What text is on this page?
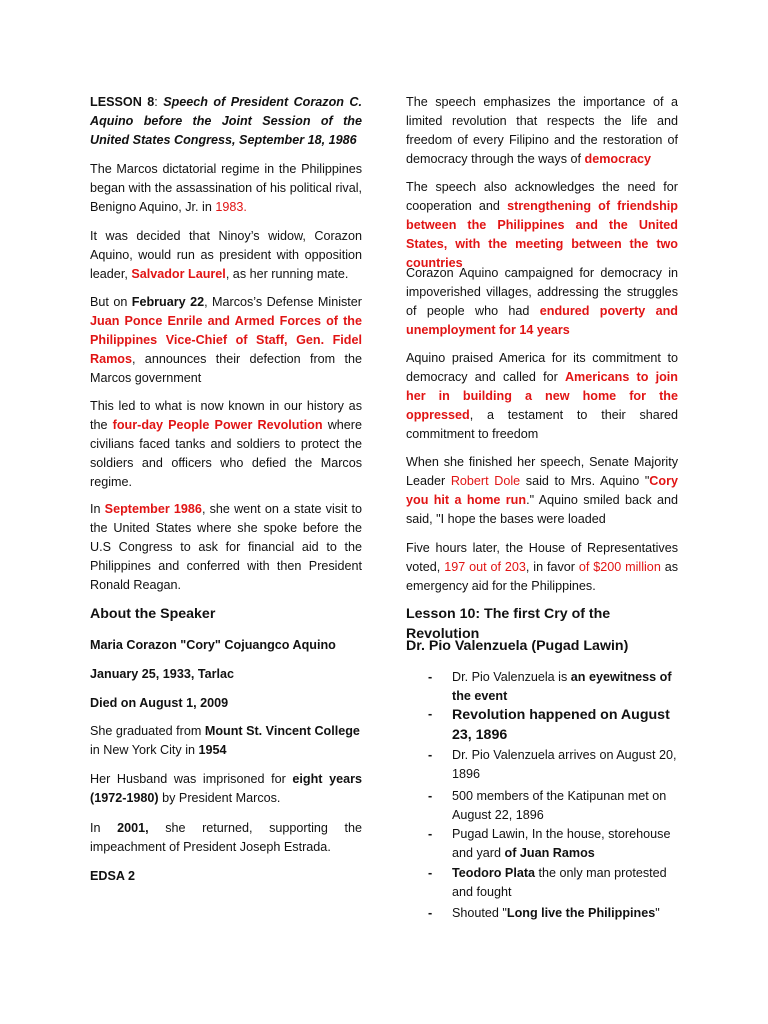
LESSON 8: Speech of President Corazon C. Aquino before the Joint Session of the United States Congress, September 18, 1986

The Marcos dictatorial regime in the Philippines began with the assassination of his political rival, Benigno Aquino, Jr. in 1983.

It was decided that Ninoy’s widow, Corazon Aquino, would run as president with opposition leader, Salvador Laurel, as her running mate.

But on February 22, Marcos’s Defense Minister Juan Ponce Enrile and Armed Forces of the Philippines Vice-Chief of Staff, Gen. Fidel Ramos, announces their defection from the Marcos government

This led to what is now known in our history as the four-day People Power Revolution where civilians faced tanks and soldiers to protect the soldiers and officers who defied the Marcos regime.

In September 1986, she went on a state visit to the United States where she spoke before the U.S Congress to ask for financial aid to the Philippines and conferred with then President Ronald Reagan.

About the Speaker

Maria Corazon "Cory" Cojuangco Aquino

January 25, 1933, Tarlac

Died on August 1, 2009

She graduated from Mount St. Vincent College in New York City in 1954

Her Husband was imprisoned for eight years (1972-1980) by President Marcos.

In 2001, she returned, supporting the impeachment of President Joseph Estrada.

EDSA 2

The speech emphasizes the importance of a limited revolution that respects the life and freedom of every Filipino and the restoration of democracy through the ways of democracy

The speech also acknowledges the need for cooperation and strengthening of friendship between the Philippines and the United States, with the meeting between the two countries

Corazon Aquino campaigned for democracy in impoverished villages, addressing the struggles of people who had endured poverty and unemployment for 14 years

Aquino praised America for its commitment to democracy and called for Americans to join her in building a new home for the oppressed, a testament to their shared commitment to freedom

When she finished her speech, Senate Majority Leader Robert Dole said to Mrs. Aquino "Cory you hit a home run." Aquino smiled back and said, "I hope the bases were loaded

Five hours later, the House of Representatives voted, 197 out of 203, in favor of $200 million as emergency aid for the Philippines.

Lesson 10: The first Cry of the Revolution

Dr. Pio Valenzuela (Pugad Lawin)

- Dr. Pio Valenzuela is an eyewitness of the event
- Revolution happened on August 23, 1896
- Dr. Pio Valenzuela arrives on August 20, 1896
- 500 members of the Katipunan met on August 22, 1896
- Pugad Lawin, In the house, storehouse and yard of Juan Ramos
- Teodoro Plata the only man protested and fought
- Shouted "Long live the Philippines"
